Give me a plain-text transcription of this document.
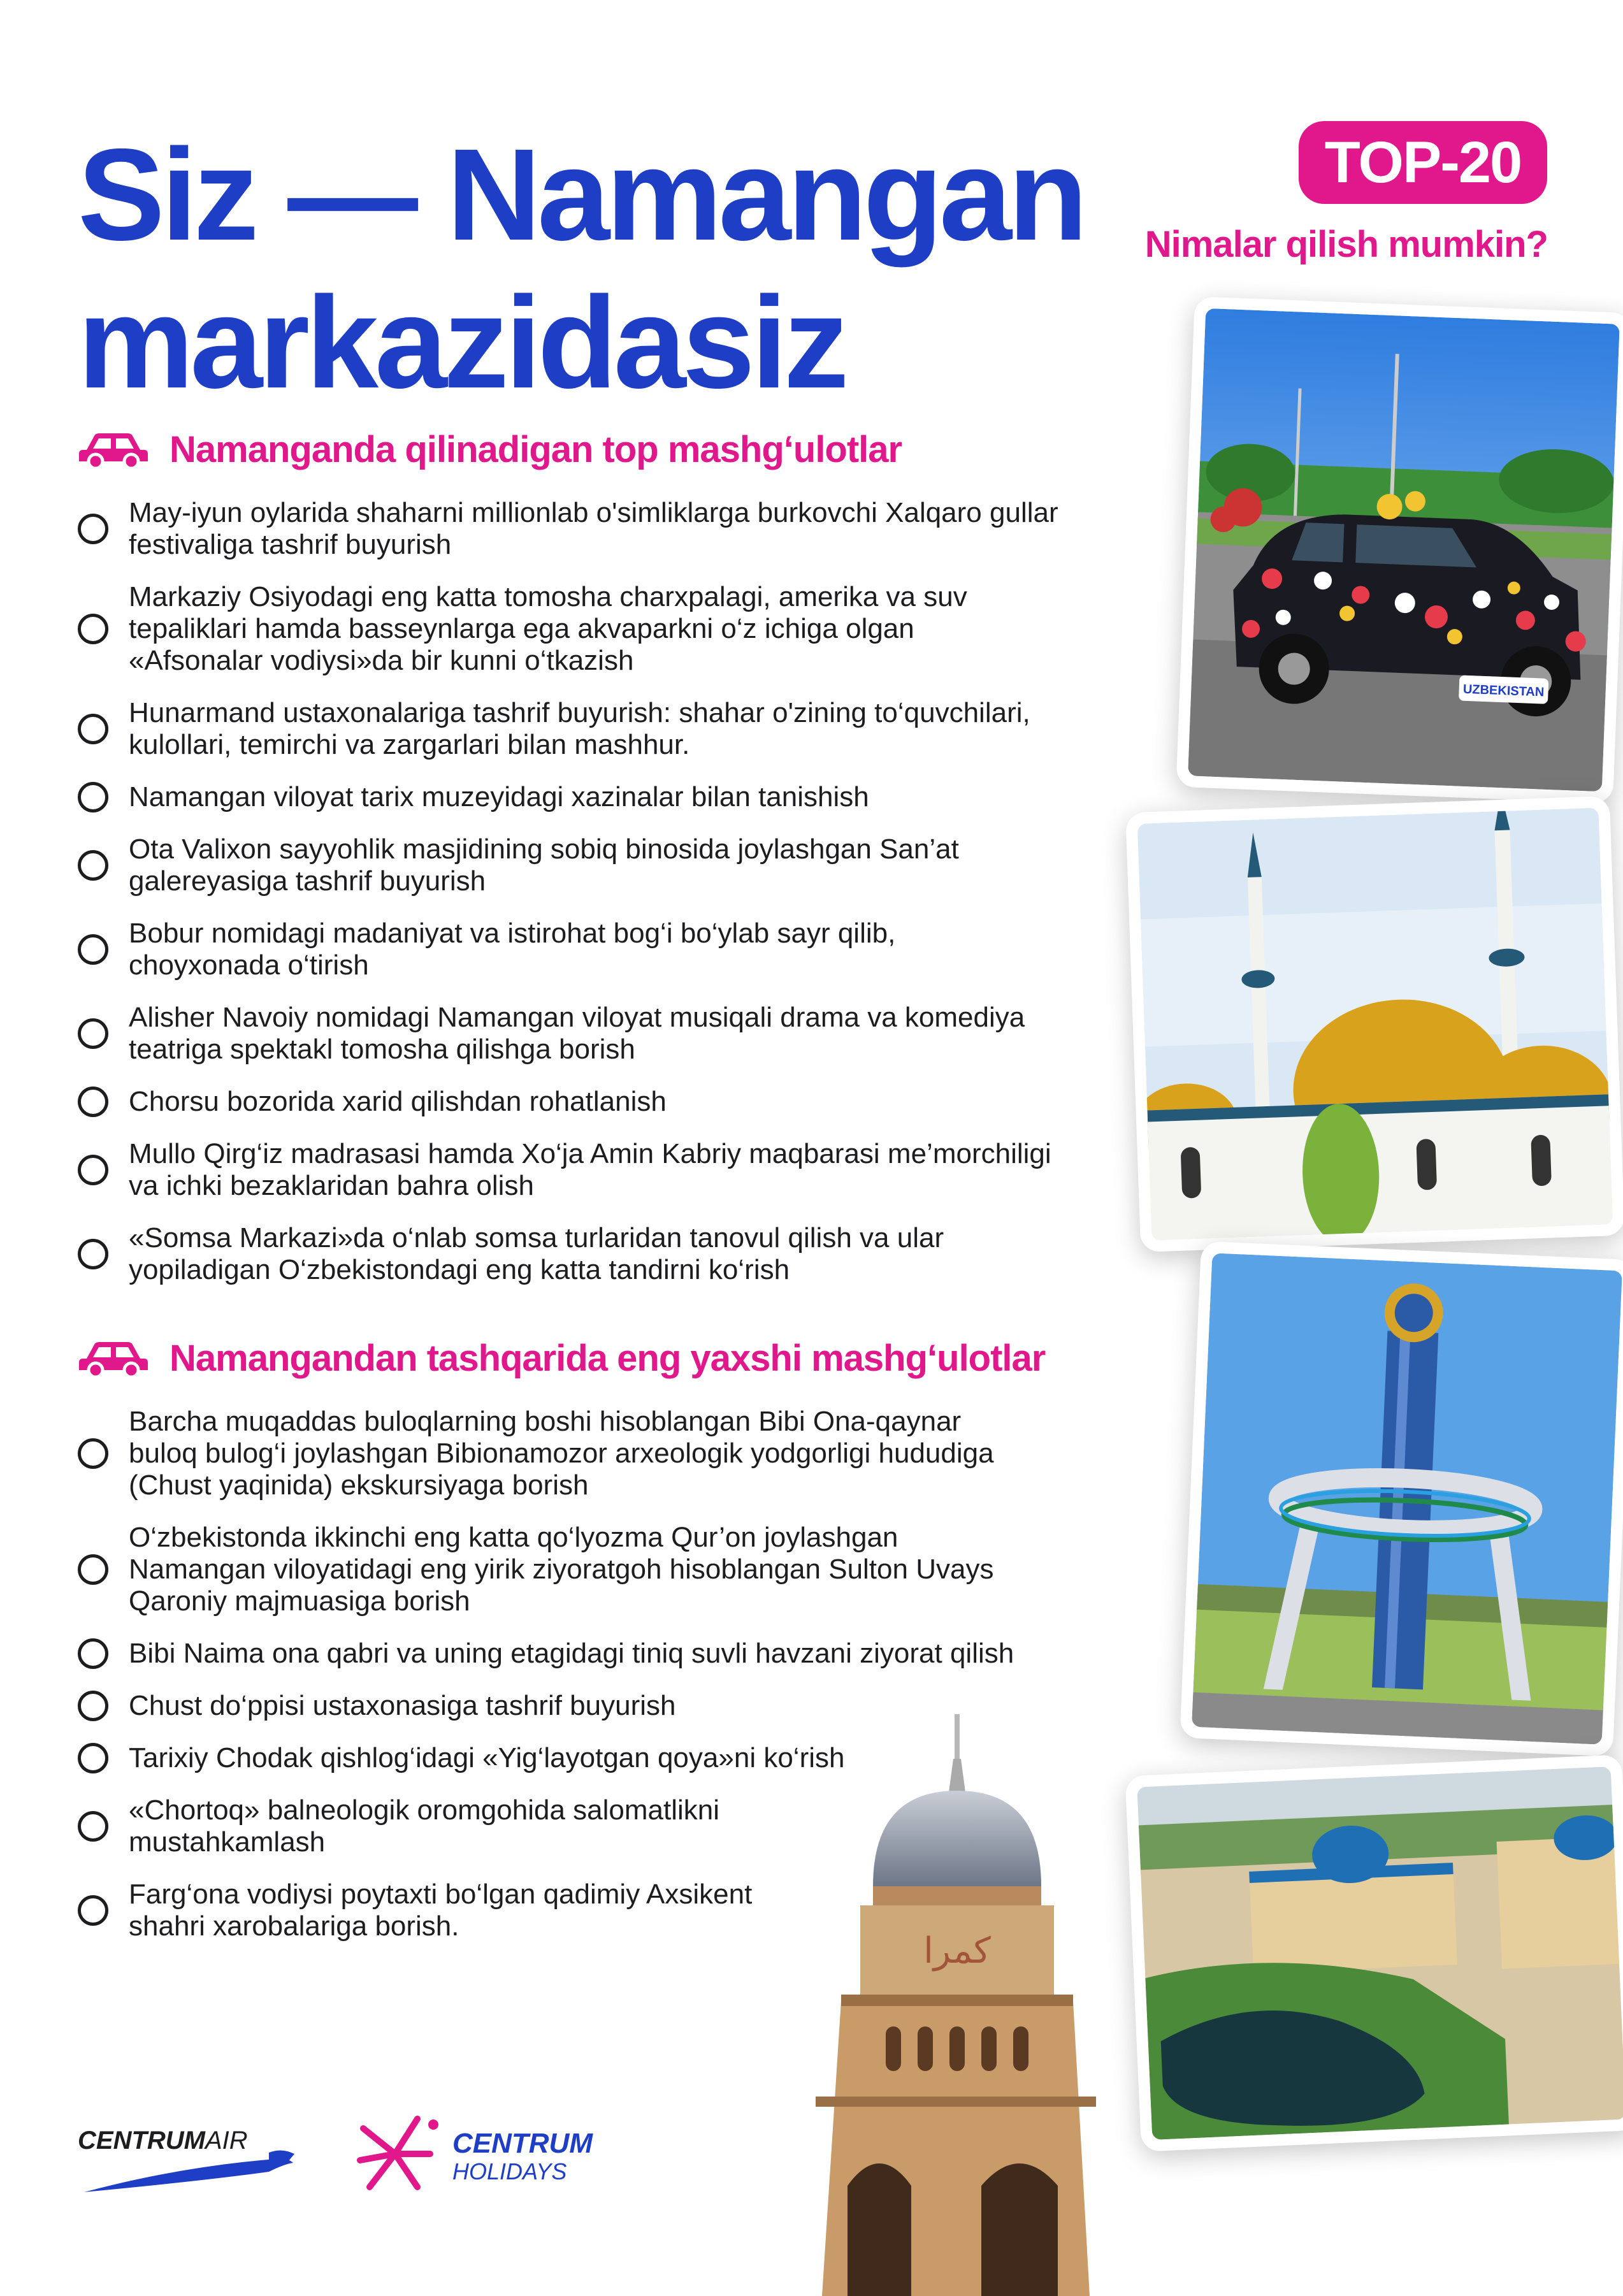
Siz — Namangan
markazidasiz
TOP-20
Nimalar qilish mumkin?
Namanganda qilinadigan top mashg‘ulotlar
May-iyun oylarida shaharni millionlab o'simliklarga burkovchi Xalqaro gullar
festivaliga tashrif buyurish
Markaziy Osiyodagi eng katta tomosha charxpalagi, amerika va suv
tepaliklari hamda basseynlarga ega akvaparkni o‘z ichiga olgan
«Afsonalar vodiysi»da bir kunni o‘tkazish
Hunarmand ustaxonalariga tashrif buyurish: shahar o'zining to‘quvchilari,
kulollari, temirchi va zargarlari bilan mashhur.
Namangan viloyat tarix muzeyidagi xazinalar bilan tanishish
Ota Valixon sayyohlik masjidining sobiq binosida joylashgan San’at
galereyasiga tashrif buyurish
Bobur nomidagi madaniyat va istirohat bog‘i bo‘ylab sayr qilib,
choyxonada o‘tirish
Alisher Navoiy nomidagi Namangan viloyat musiqali drama va komediya
teatriga spektakl tomosha qilishga borish
Chorsu bozorida xarid qilishdan rohatlanish
Mullo Qirg‘iz madrasasi hamda Xo‘ja Amin Kabriy maqbarasi me’morchiligi
va ichki bezaklaridan bahra olish
«Somsa Markazi»da o‘nlab somsa turlaridan tanovul qilish va ular
yopiladigan O‘zbekistondagi eng katta tandirni ko‘rish
Namangandan tashqarida eng yaxshi mashg‘ulotlar
Barcha muqaddas buloqlarning boshi hisoblangan Bibi Ona-qaynar
buloq bulog‘i joylashgan Bibionamozor arxeologik yodgorligi hududiga
(Chust yaqinida) ekskursiyaga borish
O‘zbekistonda ikkinchi eng katta qo‘lyozma Qur’on joylashgan
Namangan viloyatidagi eng yirik ziyoratgoh hisoblangan Sulton Uvays
Qaroniy majmuasiga borish
Bibi Naima ona qabri va uning etagidagi tiniq suvli havzani ziyorat qilish
Chust do‘ppisi ustaxonasiga tashrif buyurish
Tarixiy Chodak qishlog‘idagi «Yig‘layotgan qoya»ni ko‘rish
«Chortoq» balneologik oromgohida salomatlikni
mustahkamlash
Farg‘ona vodiysi poytaxti bo‘lgan qadimiy Axsikent
shahri xarobalariga borish.
UZBEKISTAN
کمرا
CENTRUMAIR	CENTRUM
HOLIDAYS
